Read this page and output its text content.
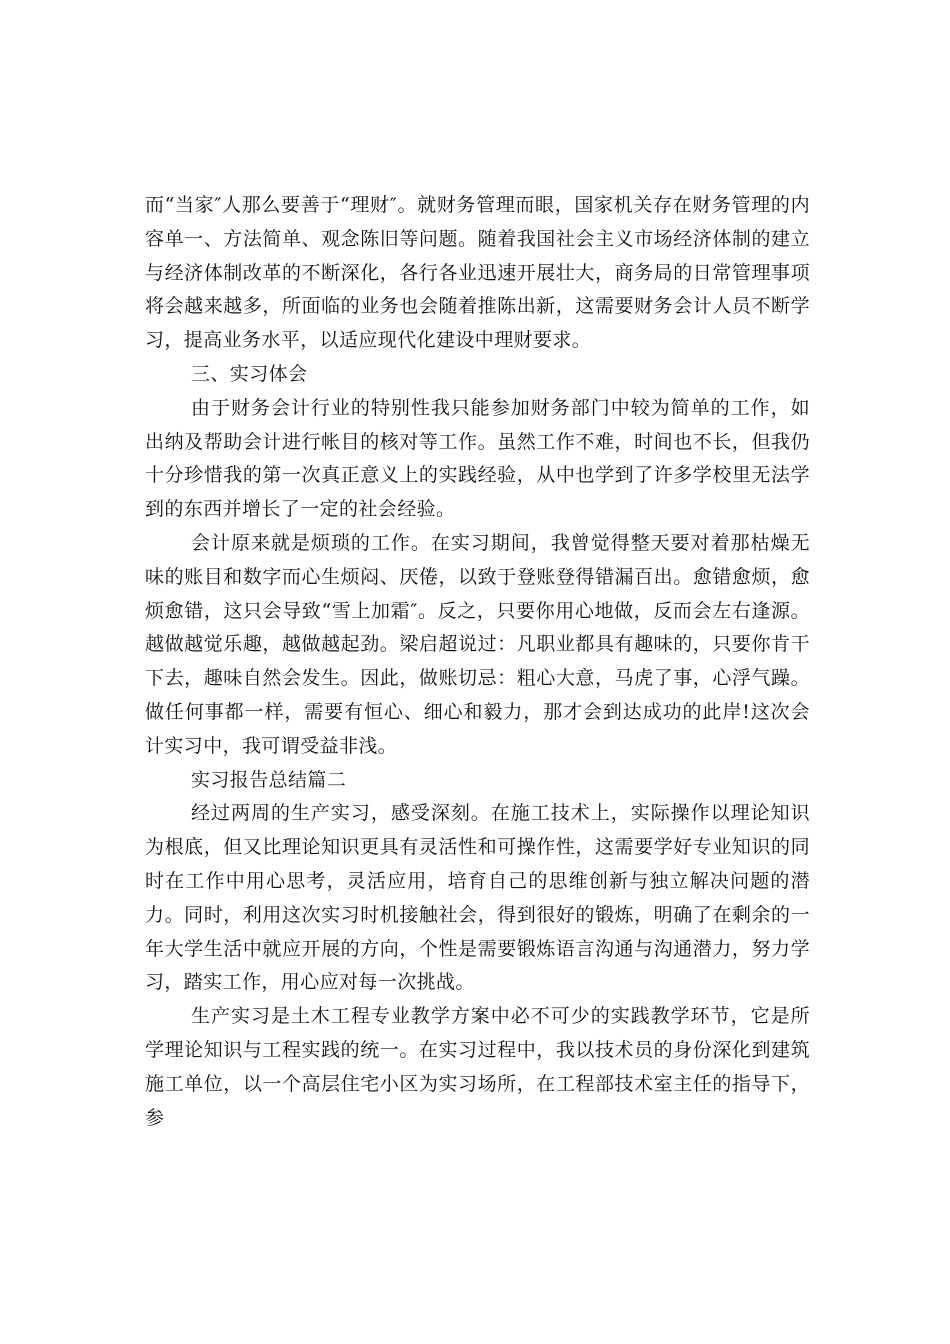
而“当家″人那么要善于“理财″。就财务管理而眼，国家机关存在财务管理的内容单一、方法简单、观念陈旧等问题。随着我国社会主义市场经济体制的建立与经济体制改革的不断深化，各行各业迅速开展壮大，商务局的日常管理事项将会越来越多，所面临的业务也会随着推陈出新，这需要财务会计人员不断学习，提高业务水平，以适应现代化建设中理财要求。

三、实习体会

由于财务会计行业的特别性我只能参加财务部门中较为简单的工作，如出纳及帮助会计进行帐目的核对等工作。虽然工作不难，时间也不长，但我仍十分珍惜我的第一次真正意义上的实践经验，从中也学到了许多学校里无法学到的东西并增长了一定的社会经验。

会计原来就是烦琐的工作。在实习期间，我曾觉得整天要对着那枯燥无味的账目和数字而心生烦闷、厌倦，以致于登账登得错漏百出。愈错愈烦，愈烦愈错，这只会导致“雪上加霜″。反之，只要你用心地做，反而会左右逢源。越做越觉乐趣，越做越起劲。梁启超说过：凡职业都具有趣味的，只要你肯干下去，趣味自然会发生。因此，做账切忌：粗心大意，马虎了事，心浮气躁。做任何事都一样，需要有恒心、细心和毅力，那才会到达成功的此岸!这次会计实习中，我可谓受益非浅。

实习报告总结篇二

经过两周的生产实习，感受深刻。在施工技术上，实际操作以理论知识为根底，但又比理论知识更具有灵活性和可操作性，这需要学好专业知识的同时在工作中用心思考，灵活应用，培育自己的思维创新与独立解决问题的潜力。同时，利用这次实习时机接触社会，得到很好的锻炼，明确了在剩余的一年大学生活中就应开展的方向，个性是需要锻炼语言沟通与沟通潜力，努力学习，踏实工作，用心应对每一次挑战。

生产实习是土木工程专业教学方案中必不可少的实践教学环节，它是所学理论知识与工程实践的统一。在实习过程中，我以技术员的身份深化到建筑施工单位，以一个高层住宅小区为实习场所，在工程部技术室主任的指导下，参
